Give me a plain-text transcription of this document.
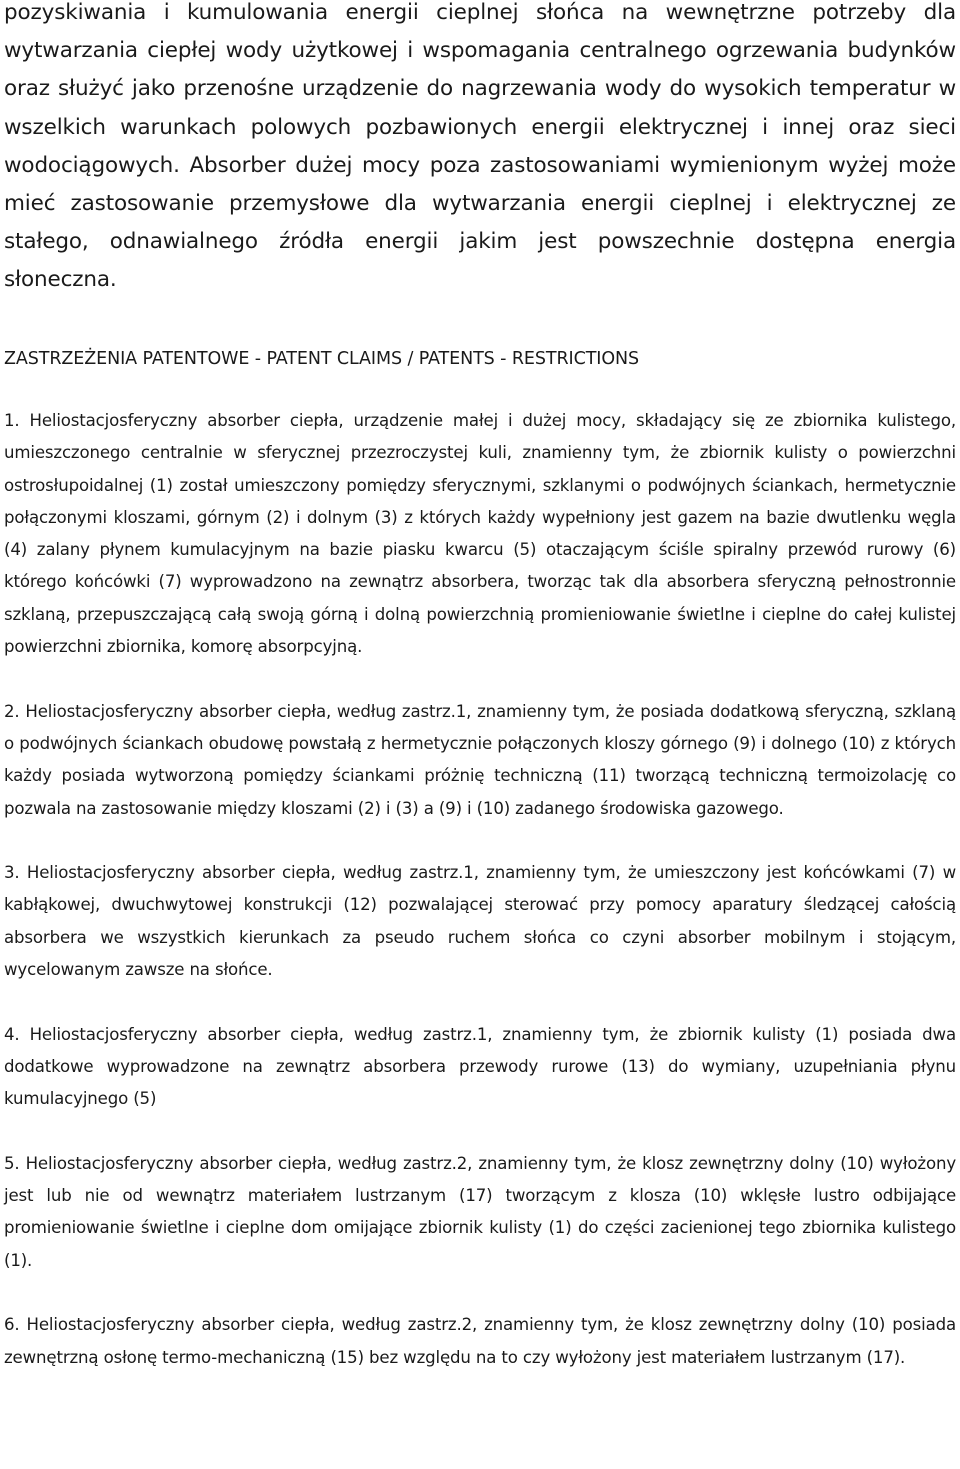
pozyskiwania i kumulowania energii cieplnej słońca na wewnętrzne potrzeby dla wytwarzania ciepłej wody użytkowej i wspomagania centralnego ogrzewania budynków oraz służyć jako przenośne urządzenie do nagrzewania wody do wysokich temperatur w wszelkich warunkach polowych pozbawionych energii elektrycznej i innej oraz sieci wodociągowych. Absorber dużej mocy poza zastosowaniami wymienionym wyżej może mieć zastosowanie przemysłowe dla wytwarzania energii cieplnej i elektrycznej ze stałego, odnawialnego źródła energii jakim jest powszechnie dostępna energia słoneczna.

ZASTRZEŻENIA PATENTOWE - PATENT CLAIMS / PATENTS - RESTRICTIONS

1. Heliostacjosferyczny absorber ciepła, urządzenie małej i dużej mocy, składający się ze zbiornika kulistego, umieszczonego centralnie w sferycznej przezroczystej kuli, znamienny tym, że zbiornik kulisty o powierzchni ostrosłupoidalnej (1) został umieszczony pomiędzy sferycznymi, szklanymi o podwójnych ściankach, hermetycznie połączonymi kloszami, górnym (2) i dolnym (3) z których każdy wypełniony jest gazem na bazie dwutlenku węgla (4) zalany płynem kumulacyjnym na bazie piasku kwarcu (5) otaczającym ściśle spiralny przewód rurowy (6) którego końcówki (7) wyprowadzono na zewnątrz absorbera, tworząc tak dla absorbera sferyczną pełnostronnie szklaną, przepuszczającą całą swoją górną i dolną powierzchnią promieniowanie świetlne i cieplne do całej kulistej powierzchni zbiornika, komorę absorpcyjną.

2. Heliostacjosferyczny absorber ciepła, według zastrz.1, znamienny tym, że posiada dodatkową sferyczną, szklaną o podwójnych ściankach obudowę powstałą z hermetycznie połączonych kloszy górnego (9) i dolnego (10) z których każdy posiada wytworzoną pomiędzy ściankami próżnię techniczną (11) tworzącą techniczną termoizolację co pozwala na zastosowanie między kloszami (2) i (3) a (9) i (10) zadanego środowiska gazowego.

3. Heliostacjosferyczny absorber ciepła, według zastrz.1, znamienny tym, że umieszczony jest końcówkami (7) w kabłąkowej, dwuchwytowej konstrukcji (12) pozwalającej sterować przy pomocy aparatury śledzącej całością absorbera we wszystkich kierunkach za pseudo ruchem słońca co czyni absorber mobilnym i stojącym, wycelowanym zawsze na słońce.

4. Heliostacjosferyczny absorber ciepła, według zastrz.1, znamienny tym, że zbiornik kulisty (1) posiada dwa dodatkowe wyprowadzone na zewnątrz absorbera przewody rurowe (13) do wymiany, uzupełniania płynu kumulacyjnego (5)

5. Heliostacjosferyczny absorber ciepła, według zastrz.2, znamienny tym, że klosz zewnętrzny dolny (10) wyłożony jest lub nie od wewnątrz materiałem lustrzanym (17) tworzącym z klosza (10) wklęsłe lustro odbijające promieniowanie świetlne i cieplne dom omijające zbiornik kulisty (1) do części zacienionej tego zbiornika kulistego (1).

6. Heliostacjosferyczny absorber ciepła, według zastrz.2, znamienny tym, że klosz zewnętrzny dolny (10) posiada zewnętrzną osłonę termo-mechaniczną (15) bez względu na to czy wyłożony jest materiałem lustrzanym (17).
